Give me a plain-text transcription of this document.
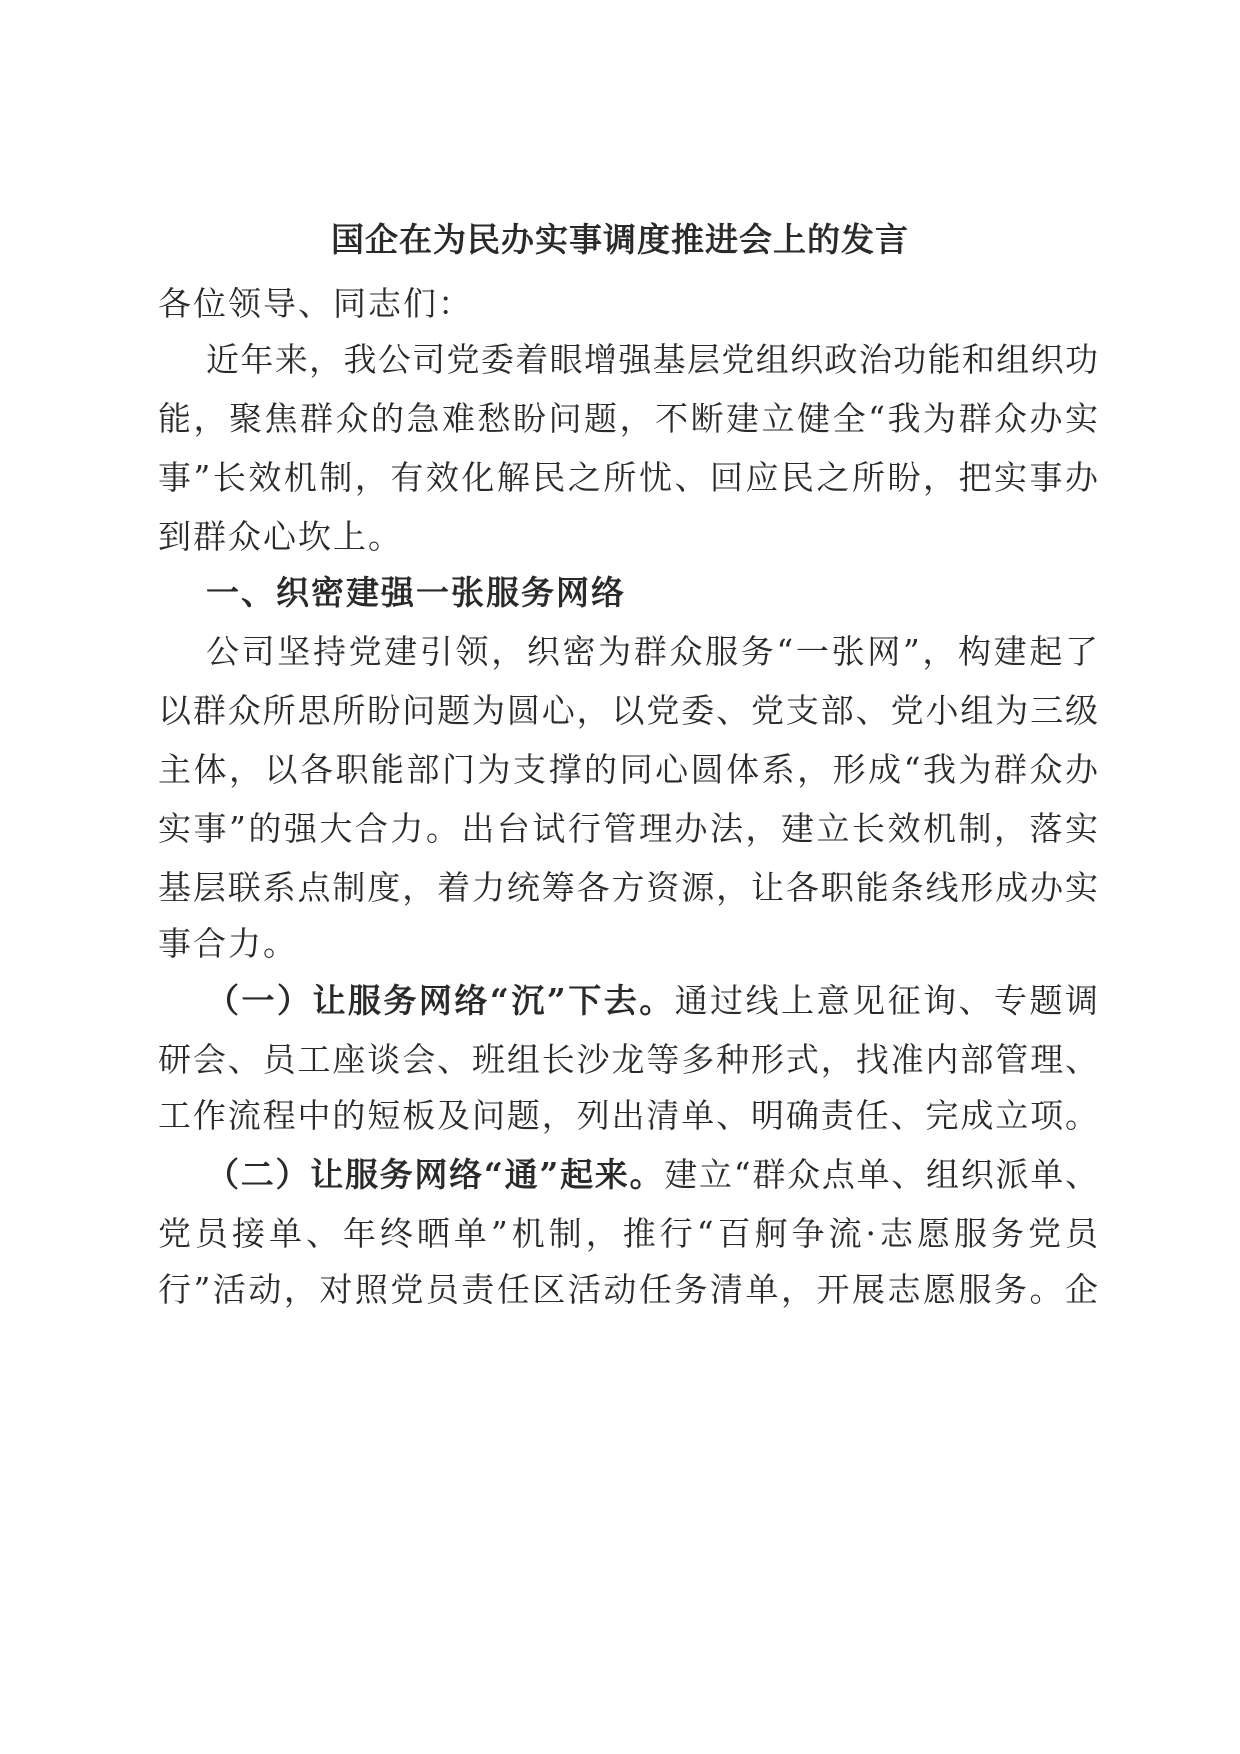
国企在为民办实事调度推进会上的发言
各位领导、同志们：
近年来，我公司党委着眼增强基层党组织政治功能和组织功
能，聚焦群众的急难愁盼问题，不断建立健全“我为群众办实
事”长效机制，有效化解民之所忧、回应民之所盼，把实事办
到群众心坎上。
一、织密建强一张服务网络
公司坚持党建引领，织密为群众服务“一张网”，构建起了
以群众所思所盼问题为圆心，以党委、党支部、党小组为三级
主体，以各职能部门为支撑的同心圆体系，形成“我为群众办
实事”的强大合力。出台试行管理办法，建立长效机制，落实
基层联系点制度，着力统筹各方资源，让各职能条线形成办实
事合力。
（一）让服务网络“沉”下去。通过线上意见征询、专题调
研会、员工座谈会、班组长沙龙等多种形式，找准内部管理、
工作流程中的短板及问题，列出清单、明确责任、完成立项。
（二）让服务网络“通”起来。建立“群众点单、组织派单、
党员接单、年终晒单”机制，推行“百舸争流·志愿服务党员
行”活动，对照党员责任区活动任务清单，开展志愿服务。企
